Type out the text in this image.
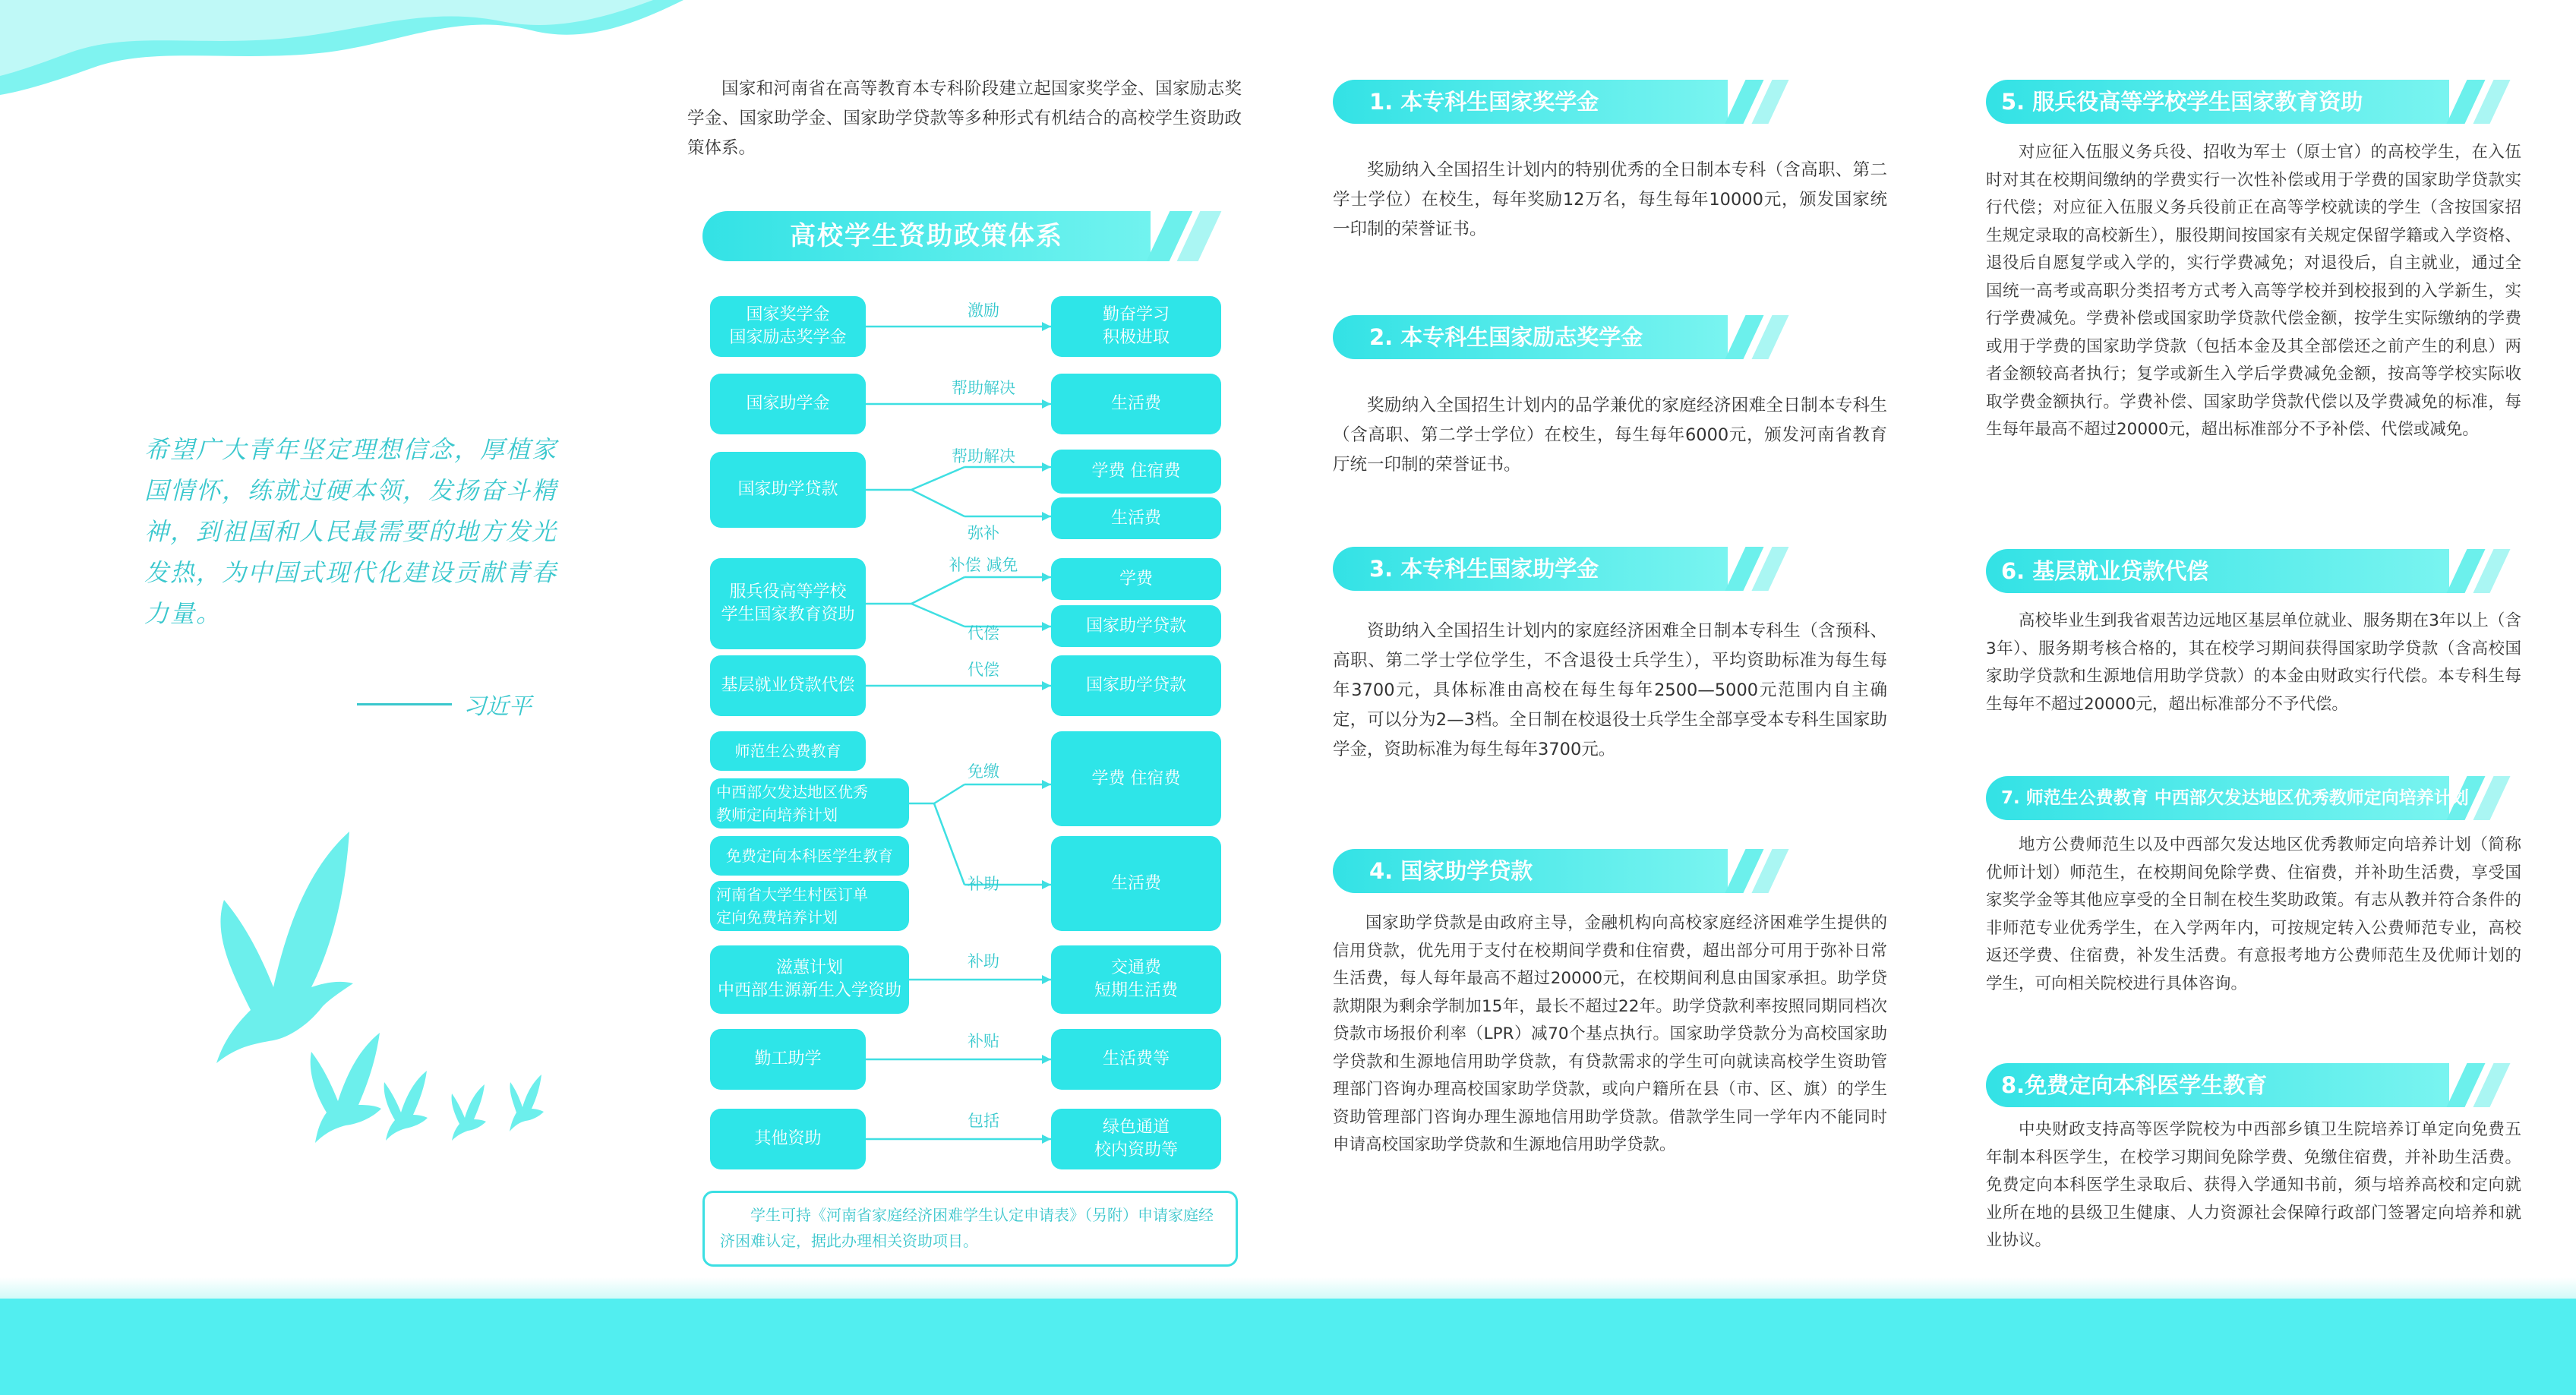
希望广大青年坚定理想信念，厚植家国情怀，练就过硬本领，发扬奋斗精神，到祖国和人民最需要的地方发光发热，为中国式现代化建设贡献青春力量。
习近平
国家和河南省在高等教育本专科阶段建立起国家奖学金、国家励志奖学金、国家助学金、国家助学贷款等多种形式有机结合的高校学生资助政策体系。
高校学生资助政策体系
国家奖学金
国家励志奖学金
国家助学金
国家助学贷款
服兵役高等学校
学生国家教育资助
基层就业贷款代偿
师范生公费教育
中西部欠发达地区优秀
教师定向培养计划
免费定向本科医学生教育
河南省大学生村医订单
定向免费培养计划
滋蕙计划
中西部生源新生入学资助
勤工助学
其他资助
勤奋学习
积极进取
生活费
学费 住宿费
生活费
学费
国家助学贷款
国家助学贷款
学费 住宿费
生活费
交通费
短期生活费
生活费等
绿色通道
校内资助等
激励
帮助解决
帮助解决
弥补
补偿 减免
代偿
代偿
免缴
补助
补助
补贴
包括
学生可持《河南省家庭经济困难学生认定申请表》（另附）申请家庭经济困难认定，据此办理相关资助项目。
1. 本专科生国家奖学金
奖励纳入全国招生计划内的特别优秀的全日制本专科（含高职、第二学士学位）在校生，每年奖励12万名，每生每年10000元，颁发国家统一印制的荣誉证书。
2. 本专科生国家励志奖学金
奖励纳入全国招生计划内的品学兼优的家庭经济困难全日制本专科生（含高职、第二学士学位）在校生，每生每年6000元，颁发河南省教育厅统一印制的荣誉证书。
3. 本专科生国家助学金
资助纳入全国招生计划内的家庭经济困难全日制本专科生（含预科、高职、第二学士学位学生，不含退役士兵学生），平均资助标准为每生每年3700元，具体标准由高校在每生每年2500—5000元范围内自主确定，可以分为2—3档。全日制在校退役士兵学生全部享受本专科生国家助学金，资助标准为每生每年3700元。
4. 国家助学贷款
国家助学贷款是由政府主导，金融机构向高校家庭经济困难学生提供的信用贷款，优先用于支付在校期间学费和住宿费，超出部分可用于弥补日常生活费，每人每年最高不超过20000元，在校期间利息由国家承担。助学贷款期限为剩余学制加15年，最长不超过22年。助学贷款利率按照同期同档次贷款市场报价利率（LPR）减70个基点执行。国家助学贷款分为高校国家助学贷款和生源地信用助学贷款，有贷款需求的学生可向就读高校学生资助管理部门咨询办理高校国家助学贷款，或向户籍所在县（市、区、旗）的学生资助管理部门咨询办理生源地信用助学贷款。借款学生同一学年内不能同时申请高校国家助学贷款和生源地信用助学贷款。
5. 服兵役高等学校学生国家教育资助
对应征入伍服义务兵役、招收为军士（原士官）的高校学生，在入伍时对其在校期间缴纳的学费实行一次性补偿或用于学费的国家助学贷款实行代偿；对应征入伍服义务兵役前正在高等学校就读的学生（含按国家招生规定录取的高校新生），服役期间按国家有关规定保留学籍或入学资格、退役后自愿复学或入学的，实行学费减免；对退役后，自主就业，通过全国统一高考或高职分类招考方式考入高等学校并到校报到的入学新生，实行学费减免。学费补偿或国家助学贷款代偿金额，按学生实际缴纳的学费或用于学费的国家助学贷款（包括本金及其全部偿还之前产生的利息）两者金额较高者执行；复学或新生入学后学费减免金额，按高等学校实际收取学费金额执行。学费补偿、国家助学贷款代偿以及学费减免的标准，每生每年最高不超过20000元，超出标准部分不予补偿、代偿或减免。
6. 基层就业贷款代偿
高校毕业生到我省艰苦边远地区基层单位就业、服务期在3年以上（含3年）、服务期考核合格的，其在校学习期间获得国家助学贷款（含高校国家助学贷款和生源地信用助学贷款）的本金由财政实行代偿。本专科生每生每年不超过20000元，超出标准部分不予代偿。
7. 师范生公费教育 中西部欠发达地区优秀教师定向培养计划
地方公费师范生以及中西部欠发达地区优秀教师定向培养计划（简称优师计划）师范生，在校期间免除学费、住宿费，并补助生活费，享受国家奖学金等其他应享受的全日制在校生奖助政策。有志从教并符合条件的非师范专业优秀学生，在入学两年内，可按规定转入公费师范专业，高校返还学费、住宿费，补发生活费。有意报考地方公费师范生及优师计划的学生，可向相关院校进行具体咨询。
8.免费定向本科医学生教育
中央财政支持高等医学院校为中西部乡镇卫生院培养订单定向免费五年制本科医学生，在校学习期间免除学费、免缴住宿费，并补助生活费。免费定向本科医学生录取后、获得入学通知书前，须与培养高校和定向就业所在地的县级卫生健康、人力资源社会保障行政部门签署定向培养和就业协议。
